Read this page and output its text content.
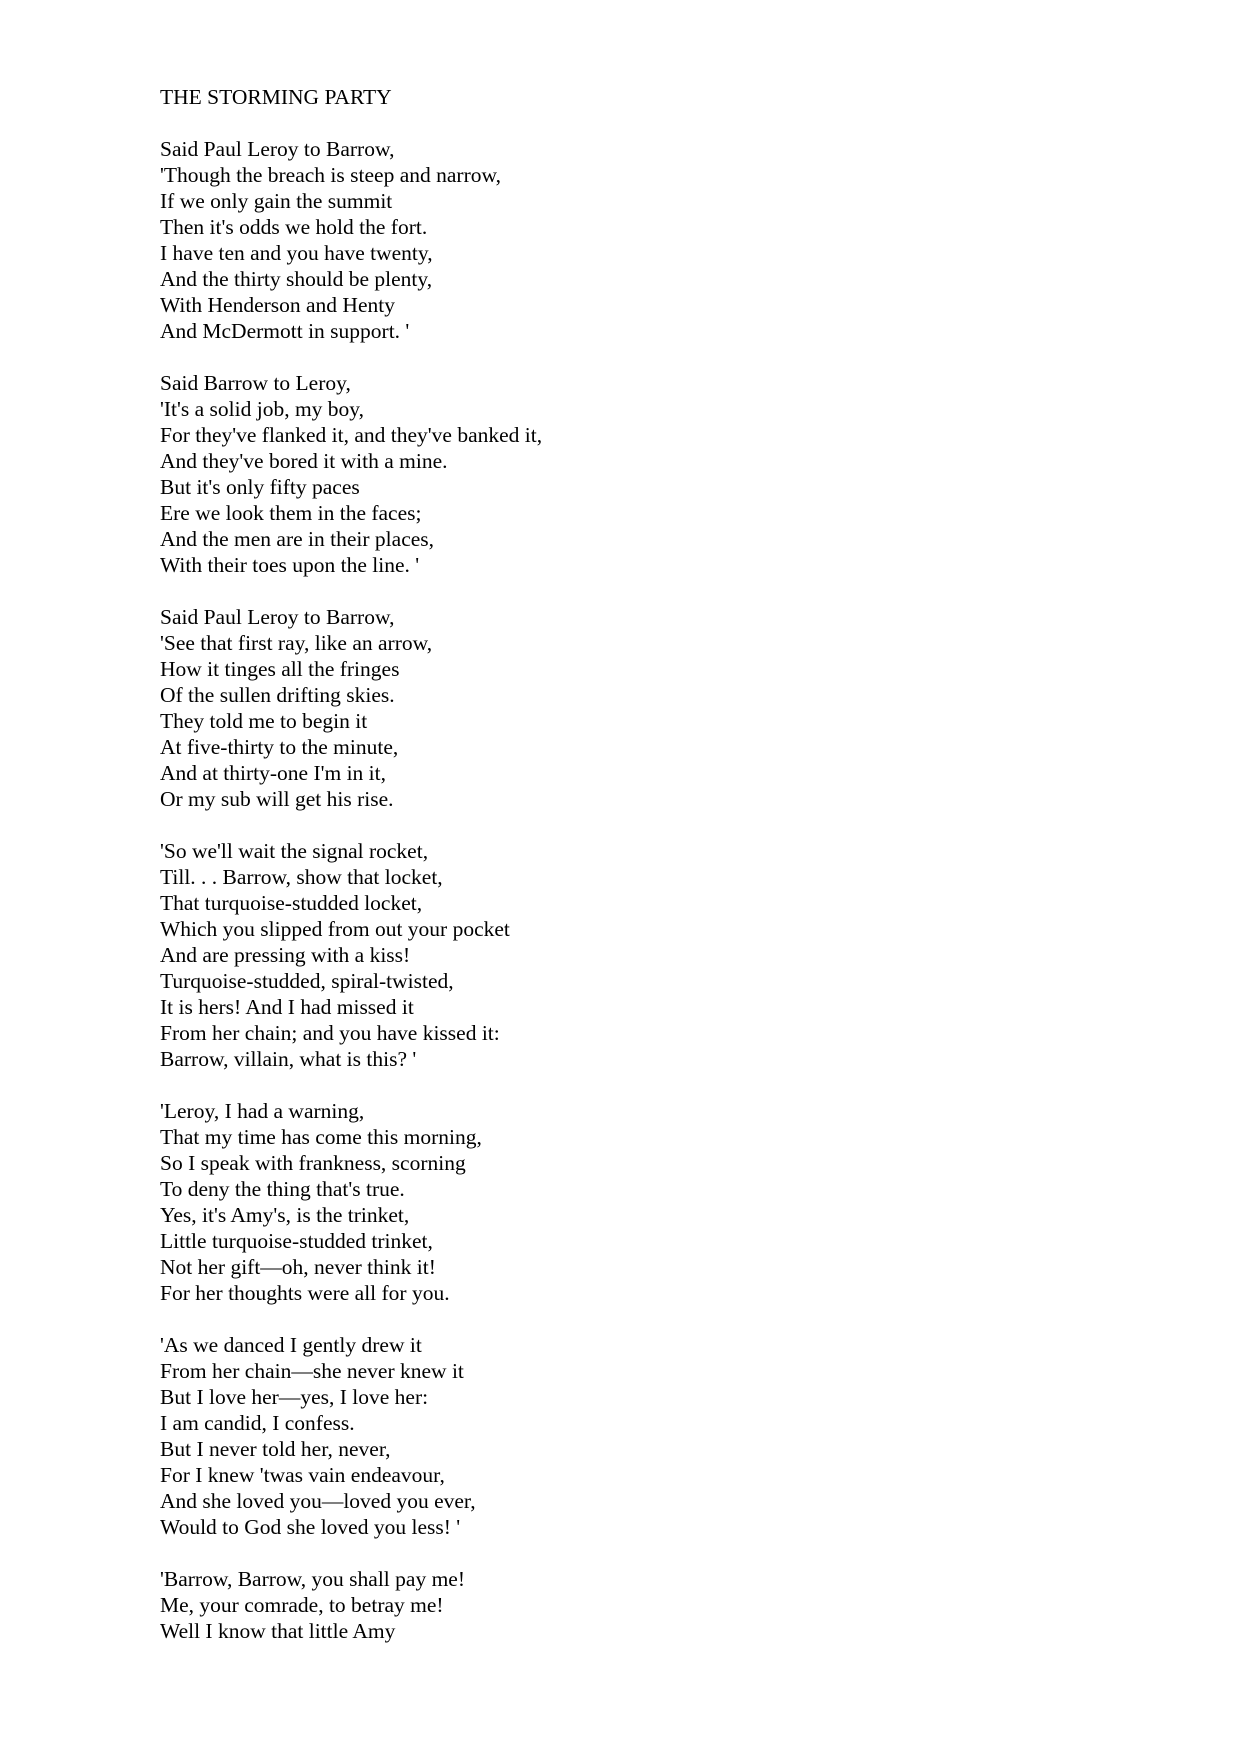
THE STORMING PARTY
Said Paul Leroy to Barrow,
'Though the breach is steep and narrow,
If we only gain the summit
Then it's odds we hold the fort.
I have ten and you have twenty,
And the thirty should be plenty,
With Henderson and Henty
And McDermott in support. '
Said Barrow to Leroy,
'It's a solid job, my boy,
For they've flanked it, and they've banked it,
And they've bored it with a mine.
But it's only fifty paces
Ere we look them in the faces;
And the men are in their places,
With their toes upon the line. '
Said Paul Leroy to Barrow,
'See that first ray, like an arrow,
How it tinges all the fringes
Of the sullen drifting skies.
They told me to begin it
At five-thirty to the minute,
And at thirty-one I'm in it,
Or my sub will get his rise.
'So we'll wait the signal rocket,
Till. . . Barrow, show that locket,
That turquoise-studded locket,
Which you slipped from out your pocket
And are pressing with a kiss!
Turquoise-studded, spiral-twisted,
It is hers! And I had missed it
From her chain; and you have kissed it:
Barrow, villain, what is this? '
'Leroy, I had a warning,
That my time has come this morning,
So I speak with frankness, scorning
To deny the thing that's true.
Yes, it's Amy's, is the trinket,
Little turquoise-studded trinket,
Not her gift—oh, never think it!
For her thoughts were all for you.
'As we danced I gently drew it
From her chain—she never knew it
But I love her—yes, I love her:
I am candid, I confess.
But I never told her, never,
For I knew 'twas vain endeavour,
And she loved you—loved you ever,
Would to God she loved you less! '
'Barrow, Barrow, you shall pay me!
Me, your comrade, to betray me!
Well I know that little Amy
